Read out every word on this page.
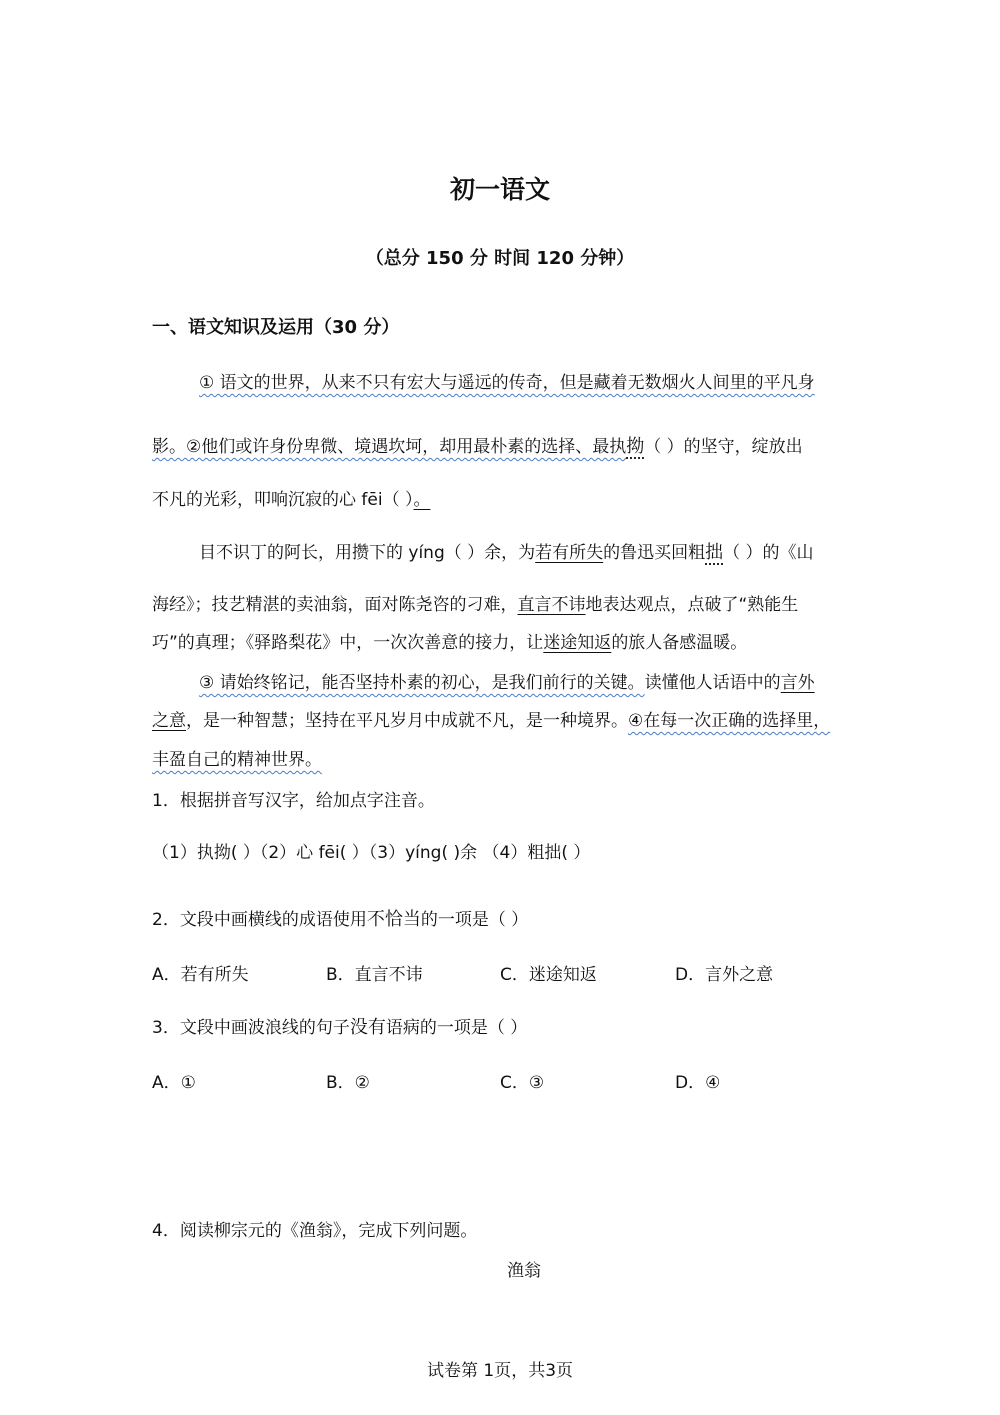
初一语文
（总分 150 分 时间 120 分钟）
一、语文知识及运用（30 分）
① 语文的世界，从来不只有宏大与遥远的传奇，但是藏着无数烟火人间里的平凡身
影。②他们或许身份卑微、境遇坎坷，却用最朴素的选择、最执拗（ ）的坚守，绽放出
不凡的光彩，叩响沉寂的心 fēi（ ）。
目不识丁的阿长，用攒下的 yíng（ ）余，为若有所失的鲁迅买回粗拙（ ）的《山
海经》；技艺精湛的卖油翁，面对陈尧咨的刁难，直言不讳地表达观点，点破了“熟能生
巧”的真理；《驿路梨花》中，一次次善意的接力，让迷途知返的旅人备感温暖。
③ 请始终铭记，能否坚持朴素的初心，是我们前行的关键。读懂他人话语中的言外
之意，是一种智慧；坚持在平凡岁月中成就不凡，是一种境界。④在每一次正确的选择里，
丰盈自己的精神世界。
1．根据拼音写汉字，给加点字注音。
（1）执拗( ）（2）心 fēi( ）（3）yíng( )余 （4）粗拙( ）
2．文段中画横线的成语使用不恰当的一项是（ ）
A．若有所失	B．直言不讳	C．迷途知返	D．言外之意
3．文段中画波浪线的句子没有语病的一项是（ ）
A．①	B．②	C．③	D．④
4．阅读柳宗元的《渔翁》，完成下列问题。
渔翁
试卷第 1页，共3页
